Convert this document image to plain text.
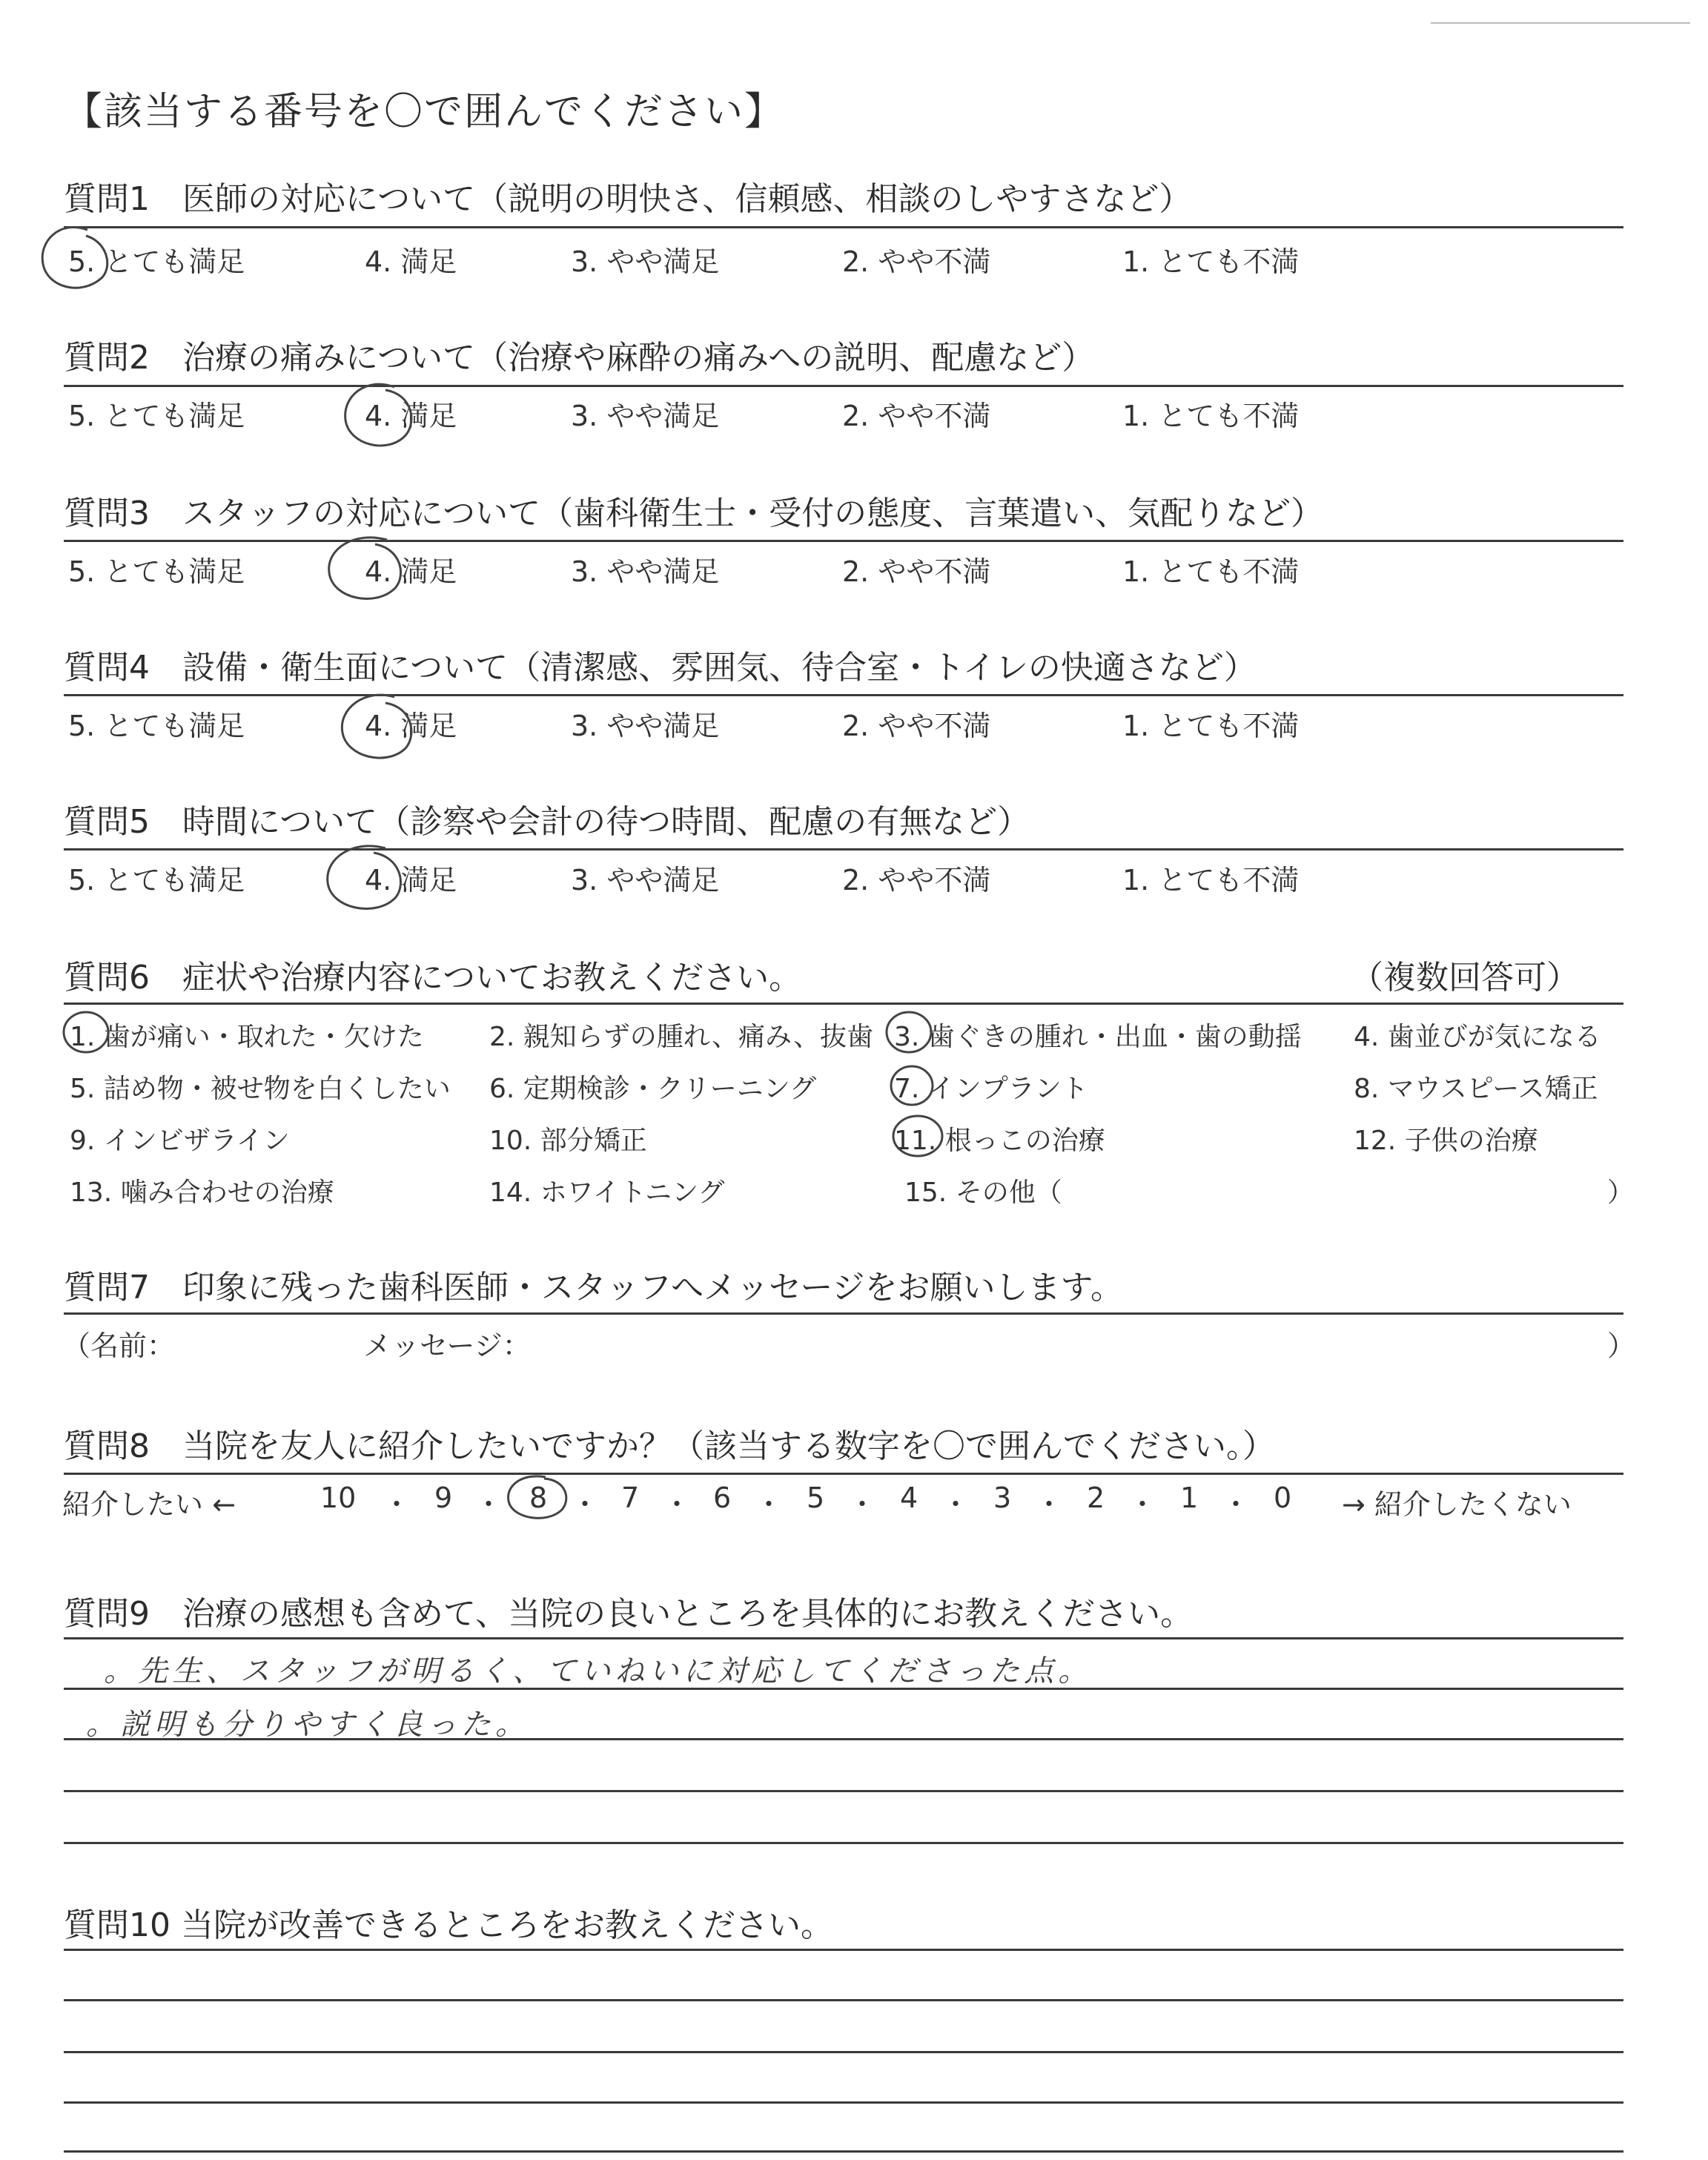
【該当する番号を〇で囲んでください】
質問1　医師の対応について（説明の明快さ、信頼感、相談のしやすさなど）
5. とても満足	4. 満足	3. やや満足	2. やや不満	1. とても不満
質問2　治療の痛みについて（治療や麻酔の痛みへの説明、配慮など）
5. とても満足	4. 満足	3. やや満足	2. やや不満	1. とても不満
質問3　スタッフの対応について（歯科衛生士・受付の態度、言葉遣い、気配りなど）
5. とても満足	4. 満足	3. やや満足	2. やや不満	1. とても不満
質問4　設備・衛生面について（清潔感、雰囲気、待合室・トイレの快適さなど）
5. とても満足	4. 満足	3. やや満足	2. やや不満	1. とても不満
質問5　時間について（診察や会計の待つ時間、配慮の有無など）
5. とても満足	4. 満足	3. やや満足	2. やや不満	1. とても不満
質問6　症状や治療内容についてお教えください。	（複数回答可）
1. 歯が痛い・取れた・欠けた 2. 親知らずの腫れ、痛み、抜歯 3. 歯ぐきの腫れ・出血・歯の動揺 4. 歯並びが気になる
5. 詰め物・被せ物を白くしたい 6. 定期検診・クリーニング	7. インプラント	8. マウスピース矯正
9. インビザライン	10. 部分矯正	11. 根っこの治療	12. 子供の治療
13. 噛み合わせの治療	14. ホワイトニング	15. その他（	）
質問7　印象に残った歯科医師・スタッフへメッセージをお願いします。
（名前：	メッセージ：	）
質問8　当院を友人に紹介したいですか？（該当する数字を〇で囲んでください。）
紹介したい ←	→ 紹介したくない
10 ・ 9 ・ 8 ・ 7 ・ 6 ・ 5 ・ 4 ・ 3 ・ 2 ・ 1 ・ 0
質問9　治療の感想も含めて、当院の良いところを具体的にお教えください。
。先生、スタッフが明るく、ていねいに対応してくださった点。
。説明も分りやすく良った。
質問10 当院が改善できるところをお教えください。
